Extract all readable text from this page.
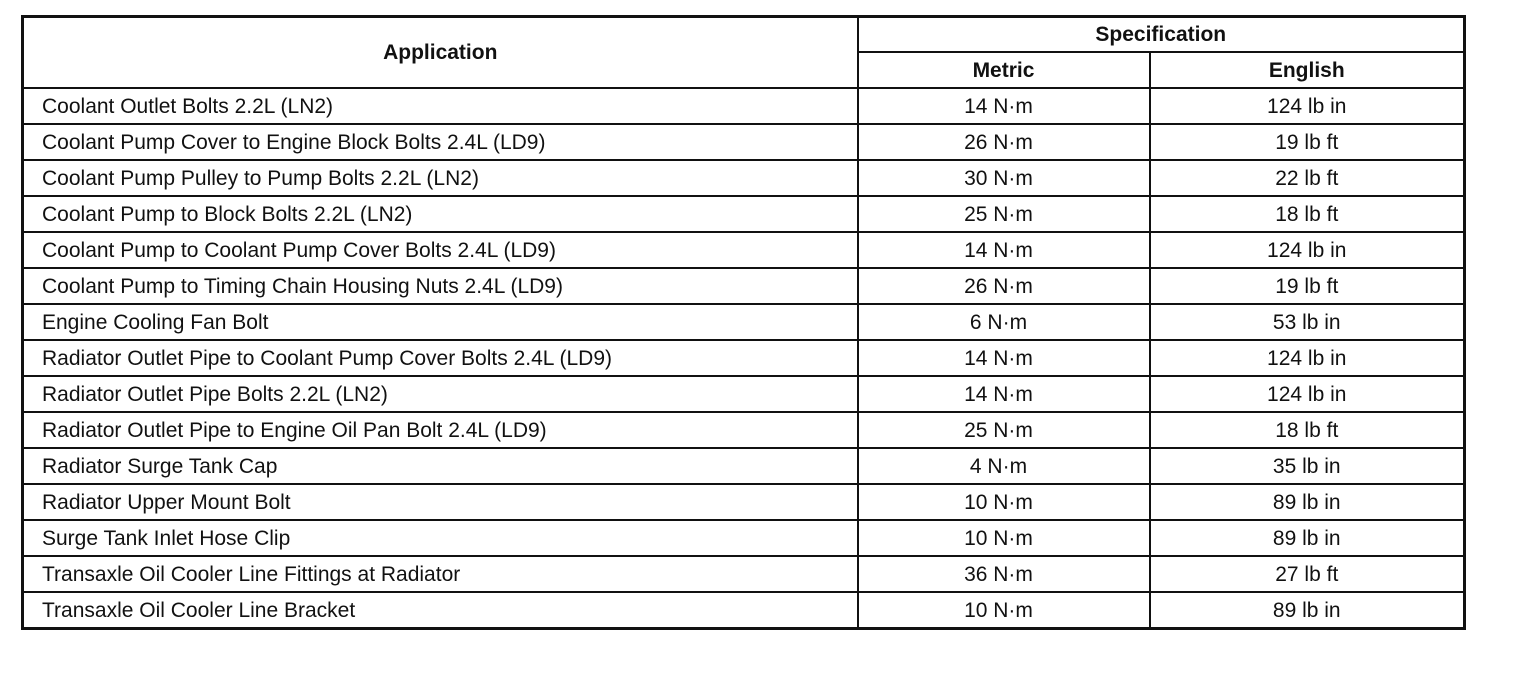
Application	Specification	
	Metric	English
Coolant Outlet Bolts 2.2L (LN2)	14 N·m	124 lb in
Coolant Pump Cover to Engine Block Bolts 2.4L (LD9)	26 N·m	19 lb ft
Coolant Pump Pulley to Pump Bolts 2.2L (LN2)	30 N·m	22 lb ft
Coolant Pump to Block Bolts 2.2L (LN2)	25 N·m	18 lb ft
Coolant Pump to Coolant Pump Cover Bolts 2.4L (LD9)	14 N·m	124 lb in
Coolant Pump to Timing Chain Housing Nuts 2.4L (LD9)	26 N·m	19 lb ft
Engine Cooling Fan Bolt	6 N·m	53 lb in
Radiator Outlet Pipe to Coolant Pump Cover Bolts 2.4L (LD9)	14 N·m	124 lb in
Radiator Outlet Pipe Bolts 2.2L (LN2)	14 N·m	124 lb in
Radiator Outlet Pipe to Engine Oil Pan Bolt 2.4L (LD9)	25 N·m	18 lb ft
Radiator Surge Tank Cap	4 N·m	35 lb in
Radiator Upper Mount Bolt	10 N·m	89 lb in
Surge Tank Inlet Hose Clip	10 N·m	89 lb in
Transaxle Oil Cooler Line Fittings at Radiator	36 N·m	27 lb ft
Transaxle Oil Cooler Line Bracket	10 N·m	89 lb in
